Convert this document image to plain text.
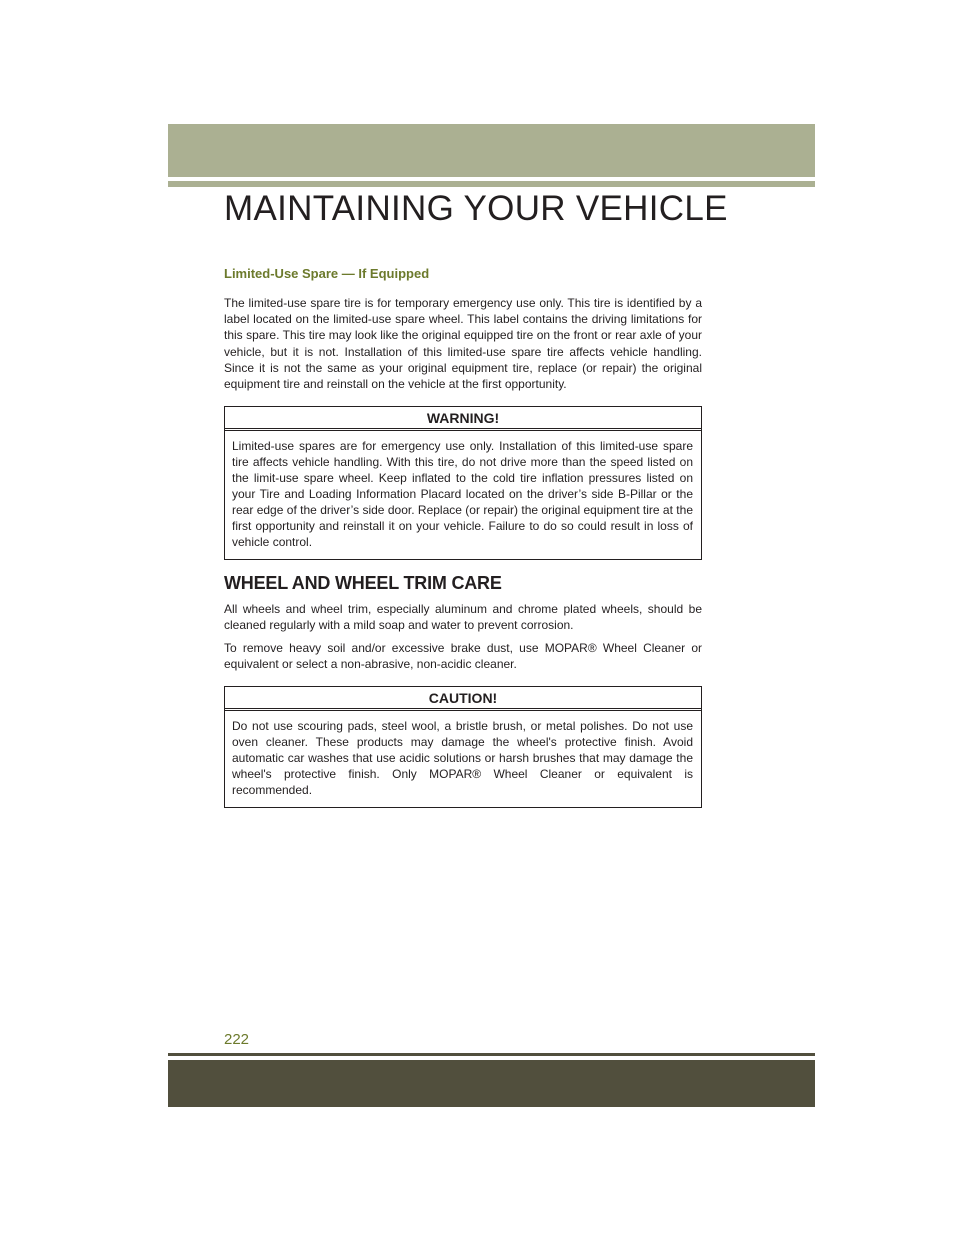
MAINTAINING YOUR VEHICLE
Limited-Use Spare — If Equipped

The limited-use spare tire is for temporary emergency use only. This tire is identified by a label located on the limited-use spare wheel. This label contains the driving limitations for this spare. This tire may look like the original equipped tire on the front or rear axle of your vehicle, but it is not. Installation of this limited-use spare tire affects vehicle handling. Since it is not the same as your original equipment tire, replace (or repair) the original equipment tire and reinstall on the vehicle at the first opportunity.

WARNING!
Limited-use spares are for emergency use only. Installation of this limited-use spare tire affects vehicle handling. With this tire, do not drive more than the speed listed on the limit-use spare wheel. Keep inflated to the cold tire inflation pressures listed on your Tire and Loading Information Placard located on the driver’s side B-Pillar or the rear edge of the driver’s side door. Replace (or repair) the original equipment tire at the first opportunity and reinstall it on your vehicle. Failure to do so could result in loss of vehicle control.
WHEEL AND WHEEL TRIM CARE

All wheels and wheel trim, especially aluminum and chrome plated wheels, should be cleaned regularly with a mild soap and water to prevent corrosion.

To remove heavy soil and/or excessive brake dust, use MOPAR® Wheel Cleaner or equivalent or select a non-abrasive, non-acidic cleaner.

CAUTION!
Do not use scouring pads, steel wool, a bristle brush, or metal polishes. Do not use oven cleaner. These products may damage the wheel's protective finish. Avoid automatic car washes that use acidic solutions or harsh brushes that may damage the wheel's protective finish. Only MOPAR® Wheel Cleaner or equivalent is recommended.
222
